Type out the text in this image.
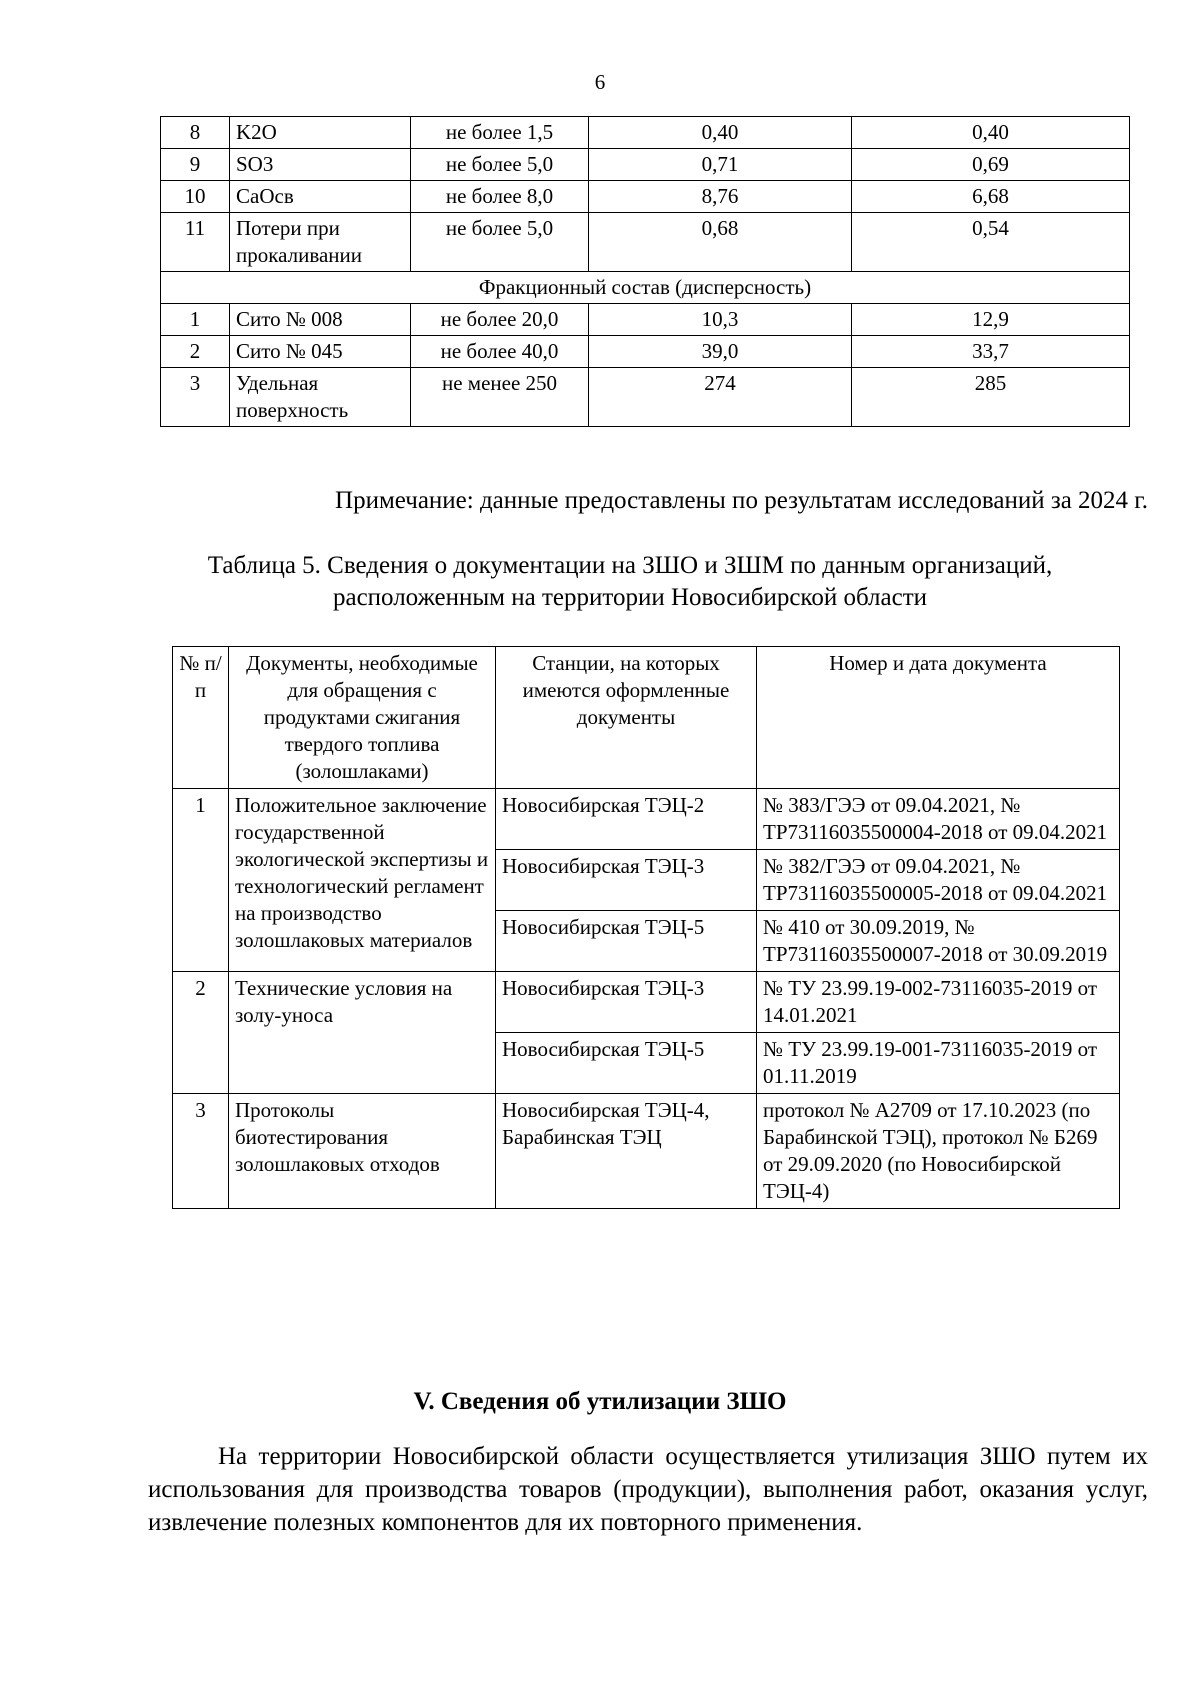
6
8	K2O	не более 1,5	0,40	0,40
9	SO3	не более 5,0	0,71	0,69
10	CaOсв	не более 8,0	8,76	6,68
11	Потери при прокаливании	не более 5,0	0,68	0,54
Фракционный состав (дисперсность)				
1	Сито № 008	не более 20,0	10,3	12,9
2	Сито № 045	не более 40,0	39,0	33,7
3	Удельная поверхность	не менее 250	274	285
Примечание: данные предоставлены по результатам исследований за 2024 г.
Таблица 5. Сведения о документации на ЗШО и ЗШМ по данным организаций, расположенным на территории Новосибирской области
№ п/п	Документы, необходимые для обращения с продуктами сжигания твердого топлива (золошлаками)	Станции, на которых имеются оформленные документы	Номер и дата документа
1	Положительное заключение государственной экологической экспертизы и технологический регламент на производство золошлаковых материалов	Новосибирская ТЭЦ-2	№ 383/ГЭЭ от 09.04.2021, № ТР73116035500004-2018 от 09.04.2021
		Новосибирская ТЭЦ-3	№ 382/ГЭЭ от 09.04.2021, № ТР73116035500005-2018 от 09.04.2021
		Новосибирская ТЭЦ-5	№ 410 от 30.09.2019, № ТР73116035500007-2018 от 30.09.2019
2	Технические условия на золу-уноса	Новосибирская ТЭЦ-3	№ ТУ 23.99.19-002-73116035-2019 от 14.01.2021
		Новосибирская ТЭЦ-5	№ ТУ 23.99.19-001-73116035-2019 от 01.11.2019
3	Протоколы биотестирования золошлаковых отходов	Новосибирская ТЭЦ-4, Барабинская ТЭЦ	протокол № А2709 от 17.10.2023 (по Барабинской ТЭЦ), протокол № Б269 от 29.09.2020 (по Новосибирской ТЭЦ-4)
V. Сведения об утилизации ЗШО
На территории Новосибирской области осуществляется утилизация ЗШО путем их использования для производства товаров (продукции), выполнения работ, оказания услуг, извлечение полезных компонентов для их повторного применения.
